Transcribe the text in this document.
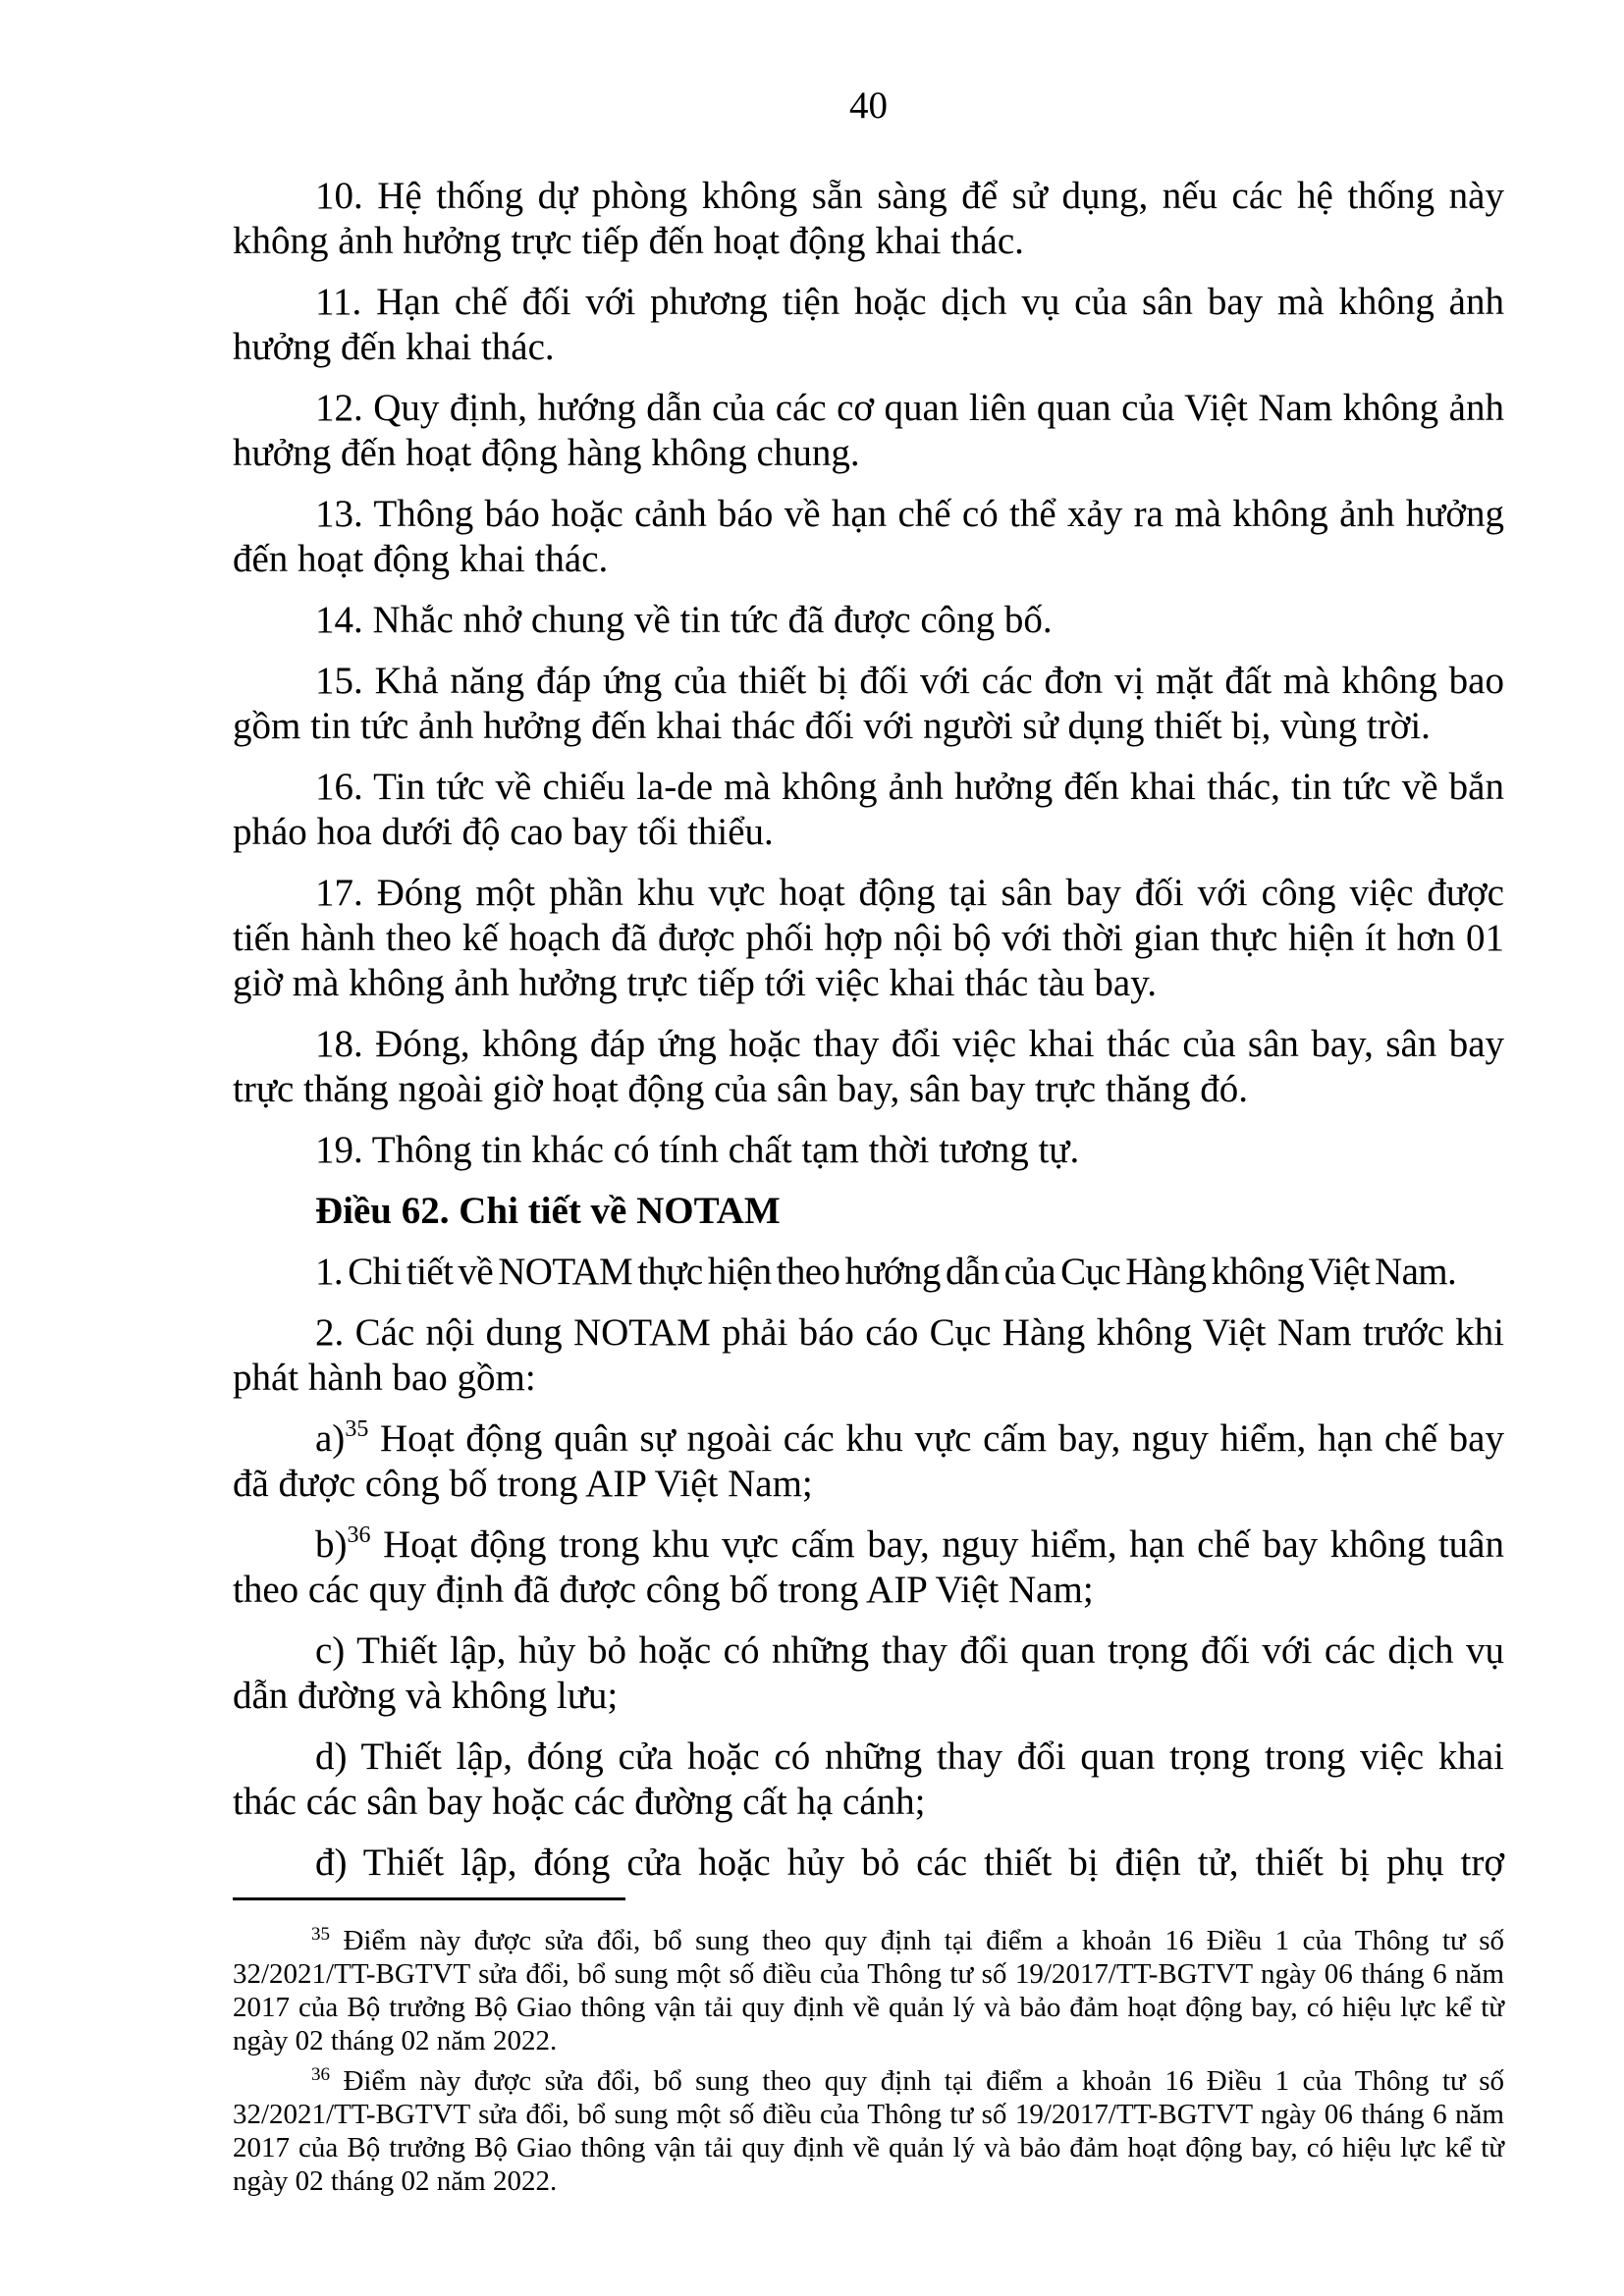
40

10. Hệ thống dự phòng không sẵn sàng để sử dụng, nếu các hệ thống này không ảnh hưởng trực tiếp đến hoạt động khai thác.

11. Hạn chế đối với phương tiện hoặc dịch vụ của sân bay mà không ảnh hưởng đến khai thác.

12. Quy định, hướng dẫn của các cơ quan liên quan của Việt Nam không ảnh hưởng đến hoạt động hàng không chung.

13. Thông báo hoặc cảnh báo về hạn chế có thể xảy ra mà không ảnh hưởng đến hoạt động khai thác.

14. Nhắc nhở chung về tin tức đã được công bố.

15. Khả năng đáp ứng của thiết bị đối với các đơn vị mặt đất mà không bao gồm tin tức ảnh hưởng đến khai thác đối với người sử dụng thiết bị, vùng trời.

16. Tin tức về chiếu la-de mà không ảnh hưởng đến khai thác, tin tức về bắn pháo hoa dưới độ cao bay tối thiểu.

17. Đóng một phần khu vực hoạt động tại sân bay đối với công việc được tiến hành theo kế hoạch đã được phối hợp nội bộ với thời gian thực hiện ít hơn 01 giờ mà không ảnh hưởng trực tiếp tới việc khai thác tàu bay.

18. Đóng, không đáp ứng hoặc thay đổi việc khai thác của sân bay, sân bay trực thăng ngoài giờ hoạt động của sân bay, sân bay trực thăng đó.

19. Thông tin khác có tính chất tạm thời tương tự.

Điều 62. Chi tiết về NOTAM

1. Chi tiết về NOTAM thực hiện theo hướng dẫn của Cục Hàng không Việt Nam.

2. Các nội dung NOTAM phải báo cáo Cục Hàng không Việt Nam trước khi phát hành bao gồm:

a)$^{35}$ Hoạt động quân sự ngoài các khu vực cấm bay, nguy hiểm, hạn chế bay đã được công bố trong AIP Việt Nam;

b)$^{36}$ Hoạt động trong khu vực cấm bay, nguy hiểm, hạn chế bay không tuân theo các quy định đã được công bố trong AIP Việt Nam;

c) Thiết lập, hủy bỏ hoặc có những thay đổi quan trọng đối với các dịch vụ dẫn đường và không lưu;

d) Thiết lập, đóng cửa hoặc có những thay đổi quan trọng trong việc khai thác các sân bay hoặc các đường cất hạ cánh;

đ) Thiết lập, đóng cửa hoặc hủy bỏ các thiết bị điện tử, thiết bị phụ trợ

$^{35}$ Điểm này được sửa đổi, bổ sung theo quy định tại điểm a khoản 16 Điều 1 của Thông tư số 32/2021/TT-BGTVT sửa đổi, bổ sung một số điều của Thông tư số 19/2017/TT-BGTVT ngày 06 tháng 6 năm 2017 của Bộ trưởng Bộ Giao thông vận tải quy định về quản lý và bảo đảm hoạt động bay, có hiệu lực kể từ ngày 02 tháng 02 năm 2022.

$^{36}$ Điểm này được sửa đổi, bổ sung theo quy định tại điểm a khoản 16 Điều 1 của Thông tư số 32/2021/TT-BGTVT sửa đổi, bổ sung một số điều của Thông tư số 19/2017/TT-BGTVT ngày 06 tháng 6 năm 2017 của Bộ trưởng Bộ Giao thông vận tải quy định về quản lý và bảo đảm hoạt động bay, có hiệu lực kể từ ngày 02 tháng 02 năm 2022.
